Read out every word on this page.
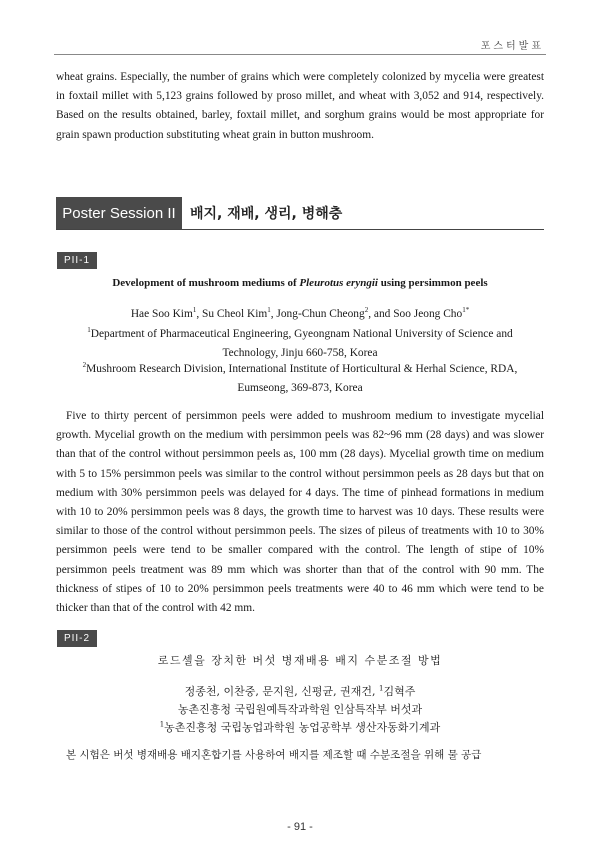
포스터발표

wheat grains. Especially, the number of grains which were completely colonized by mycelia were greatest in foxtail millet with 5,123 grains followed by proso millet, and wheat with 3,052 and 914, respectively. Based on the results obtained, barley, foxtail millet, and sorghum grains would be most appropriate for grain spawn production substituting wheat grain in button mushroom.

Poster Session II	배지, 재배, 생리, 병해충
PII-1

Development of mushroom mediums of Pleurotus eryngii using persimmon peels

Hae Soo Kim$^1$, Su Cheol Kim$^1$, Jong-Chun Cheong$^2$, and Soo Jeong Cho$^{1*}$

$^1$Department of Pharmaceutical Engineering, Gyeongnam National University of Science and
Technology, Jinju 660-758, Korea

$^2$Mushroom Research Division, International Institute of Horticultural & Herhal Science, RDA,
Eumseong, 369-873, Korea

Five to thirty percent of persimmon peels were added to mushroom medium to investigate mycelial growth. Mycelial growth on the medium with persimmon peels was 82~96 mm (28 days) and was slower than that of the control without persimmon peels as, 100 mm (28 days). Mycelial growth time on medium with 5 to 15% persimmon peels was similar to the control without persimmon peels as 28 days but that on medium with 30% persimmon peels was delayed for 4 days. The time of pinhead formations in medium with 10 to 20% persimmon peels was 8 days, the growth time to harvest was 10 days. These results were similar to those of the control without persimmon peels. The sizes of pileus of treatments with 10 to 30% persimmon peels were tend to be smaller compared with the control. The length of stipe of 10% persimmon peels treatment was 89 mm which was shorter than that of the control with 90 mm. The thickness of stipes of 10 to 20% persimmon peels treatments were 40 to 46 mm which were tend to be thicker than that of the control with 42 mm.

PII-2

로드셀을 장치한 버섯 병재배용 배지 수분조절 방법

정종천, 이찬중, 문지원, 신평균, 권재건, $^1$김혁주

농촌진흥청 국립원예특작과학원 인삼특작부 버섯과

$^1$농촌진흥청 국립농업과학원 농업공학부 생산자동화기계과

본 시험은 버섯 병재배용 배지혼합기를 사용하여 배지를 제조할 때 수분조절을 위해 물 공급

- 91 -
